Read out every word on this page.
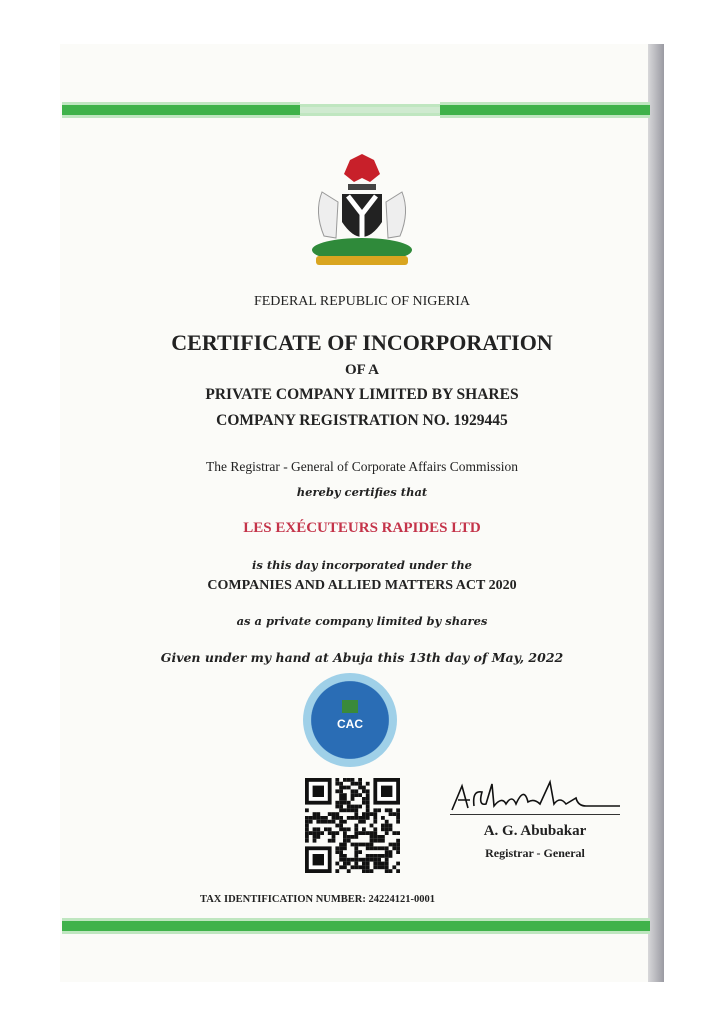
FEDERAL REPUBLIC OF NIGERIA
CERTIFICATE OF INCORPORATION
OF A
PRIVATE COMPANY LIMITED BY SHARES
COMPANY REGISTRATION NO. 1929445
The Registrar - General of Corporate Affairs Commission
hereby certifies that
LES EXÉCUTEURS RAPIDES LTD
is this day incorporated under the
COMPANIES AND ALLIED MATTERS ACT 2020
as a private company limited by shares
Given under my hand at Abuja this 13th day of May, 2022
CAC
A. G. Abubakar
Registrar - General
TAX IDENTIFICATION NUMBER: 24224121-0001
